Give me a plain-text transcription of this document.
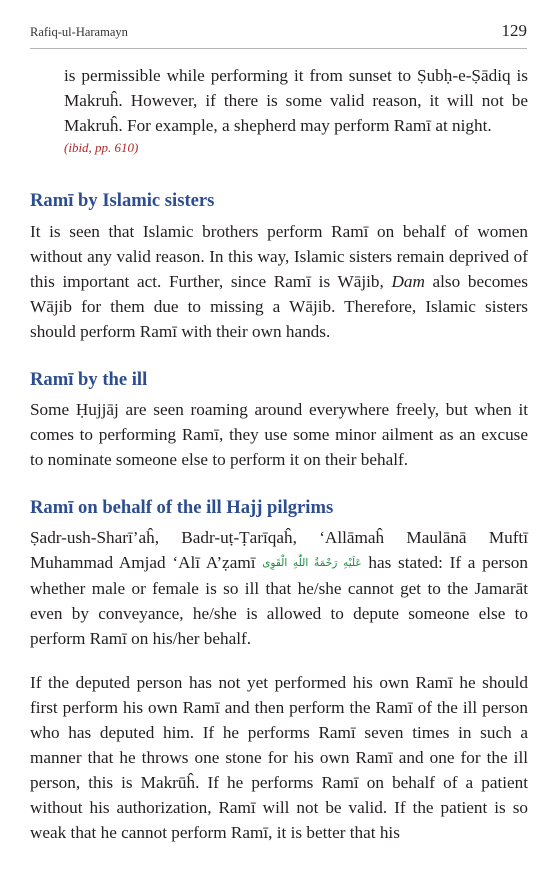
Rafiq-ul-Haramayn	129

is permissible while performing it from sunset to Ṣubḥ-e-Ṣādiq is Makruĥ. However, if there is some valid reason, it will not be Makruĥ. For example, a shepherd may perform Ramī at night.

(ibid, pp. 610)
Ramī by Islamic sisters

It is seen that Islamic brothers perform Ramī on behalf of women without any valid reason. In this way, Islamic sisters remain deprived of this important act. Further, since Ramī is Wājib, Dam also becomes Wājib for them due to missing a Wājib. Therefore, Islamic sisters should perform Ramī with their own hands.

Ramī by the ill

Some Ḥujjāj are seen roaming around everywhere freely, but when it comes to performing Ramī, they use some minor ailment as an excuse to nominate someone else to perform it on their behalf.

Ramī on behalf of the ill Hajj pilgrims

Ṣadr-ush-Sharī’aĥ, Badr-uṭ-Ṭarīqaĥ, ‘Allāmaĥ Maulānā Muftī Muhammad Amjad ‘Alī A’ẓamī عَلَيْهِ رَحْمَةُ اللّٰهِ الْقَوِی has stated: If a person whether male or female is so ill that he/she cannot get to the Jamarāt even by conveyance, he/she is allowed to depute someone else to perform Ramī on his/her behalf.

If the deputed person has not yet performed his own Ramī he should first perform his own Ramī and then perform the Ramī of the ill person who has deputed him. If he performs Ramī seven times in such a manner that he throws one stone for his own Ramī and one for the ill person, this is Makrūĥ. If he performs Ramī on behalf of a patient without his authorization, Ramī will not be valid. If the patient is so weak that he cannot perform Ramī, it is better that his
